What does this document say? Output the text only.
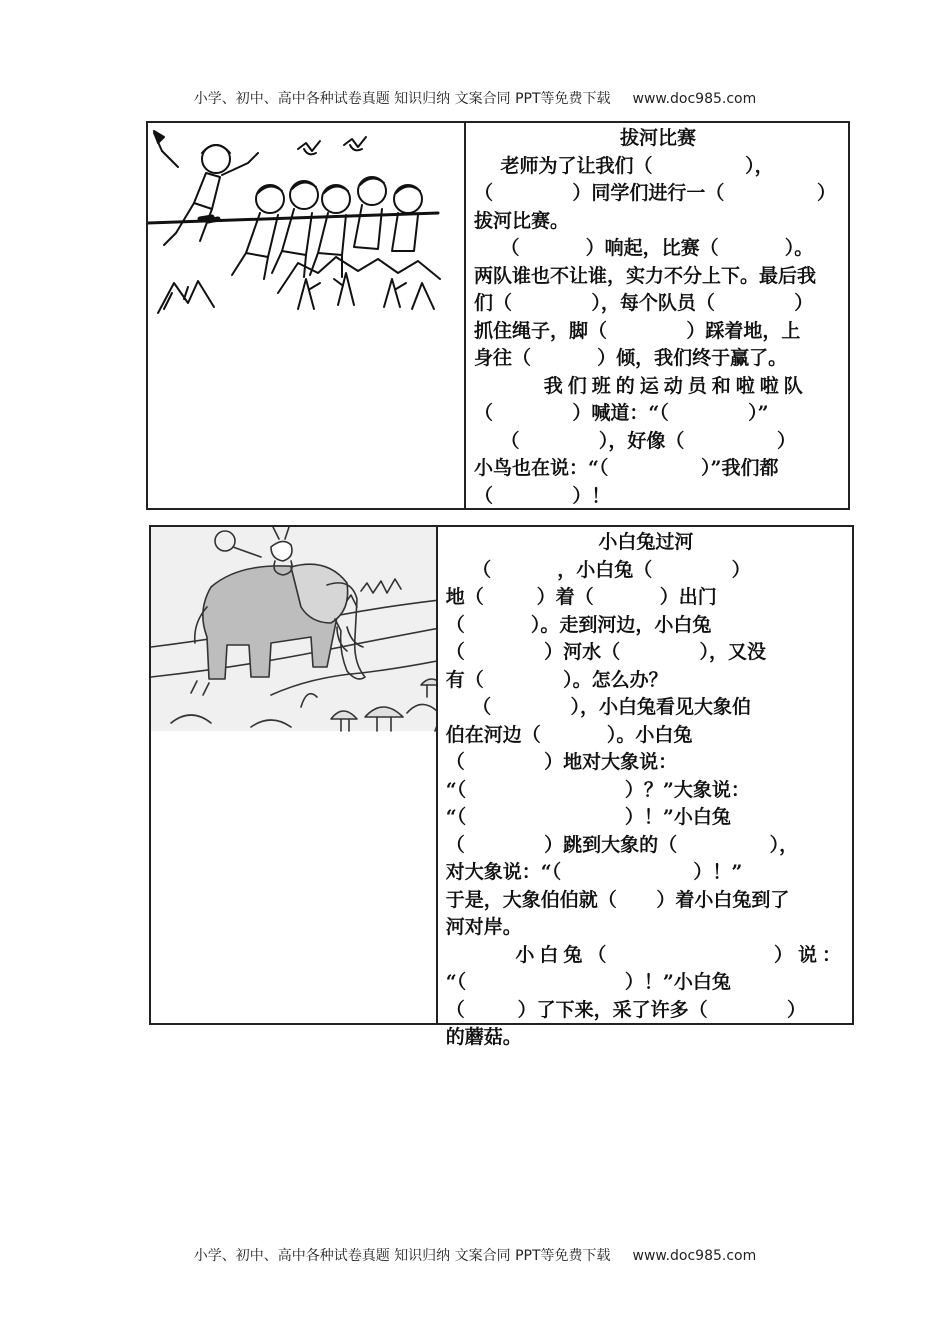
小学、初中、高中各种试卷真题 知识归纳 文案合同 PPT等免费下载 www.doc985.com
拔河比赛
老师为了让我们（              ），
（            ）同学们进行一（              ）
拔河比赛。
（          ）响起，比赛（          ）。
两队谁也不让谁，实力不分上下。最后我
们（            ），每个队员（            ）
抓住绳子，脚（            ）踩着地，上
身往（          ）倾，我们终于赢了。
我们班的运动员和啦啦队
（            ）喊道：“（            ）”
（            ），好像（              ）
小鸟也在说：“（              ）”我们都
（            ）！
小白兔过河
（          ，小白兔（            ）
地（        ）着（          ）出门
（          ）。走到河边，小白兔
（            ）河水（            ），又没
有（            ）。怎么办？
（            ），小白兔看见大象伯
伯在河边（          ）。小白兔
（            ）地对大象说：
“（                        ）？”大象说：
“（                        ）！”小白兔
（            ）跳到大象的（              ），
对大象说：“（                    ）！”
于是，大象伯伯就（      ）着小白兔到了
河对岸。
小白兔（              ）说：
“（                        ）！”小白兔
（        ）了下来，采了许多（            ）
的蘑菇。
小学、初中、高中各种试卷真题 知识归纳 文案合同 PPT等免费下载 www.doc985.com
